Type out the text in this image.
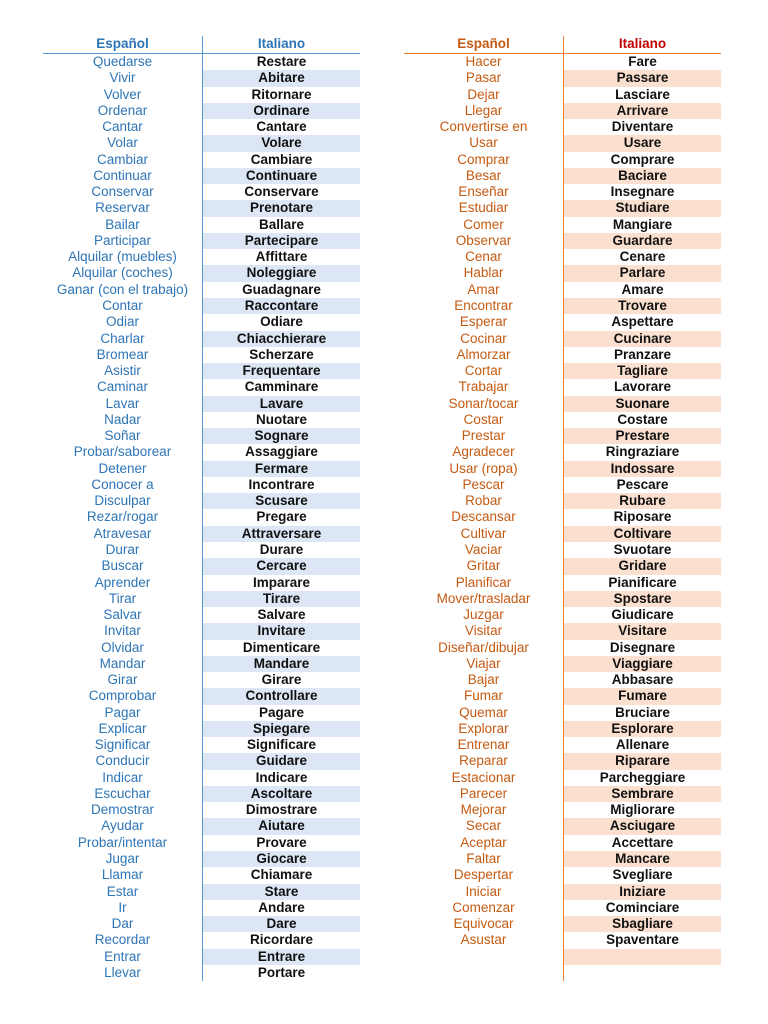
Español	Italiano
Quedarse	Restare
Vivir	Abitare
Volver	Ritornare
Ordenar	Ordinare
Cantar	Cantare
Volar	Volare
Cambiar	Cambiare
Continuar	Continuare
Conservar	Conservare
Reservar	Prenotare
Bailar	Ballare
Participar	Partecipare
Alquilar (muebles)	Affittare
Alquilar (coches)	Noleggiare
Ganar (con el trabajo)	Guadagnare
Contar	Raccontare
Odiar	Odiare
Charlar	Chiacchierare
Bromear	Scherzare
Asistir	Frequentare
Caminar	Camminare
Lavar	Lavare
Nadar	Nuotare
Soñar	Sognare
Probar/saborear	Assaggiare
Detener	Fermare
Conocer a	Incontrare
Disculpar	Scusare
Rezar/rogar	Pregare
Atravesar	Attraversare
Durar	Durare
Buscar	Cercare
Aprender	Imparare
Tirar	Tirare
Salvar	Salvare
Invitar	Invitare
Olvidar	Dimenticare
Mandar	Mandare
Girar	Girare
Comprobar	Controllare
Pagar	Pagare
Explicar	Spiegare
Significar	Significare
Conducir	Guidare
Indicar	Indicare
Escuchar	Ascoltare
Demostrar	Dimostrare
Ayudar	Aiutare
Probar/intentar	Provare
Jugar	Giocare
Llamar	Chiamare
Estar	Stare
Ir	Andare
Dar	Dare
Recordar	Ricordare
Entrar	Entrare
Llevar	Portare
Español	Italiano
Hacer	Fare
Pasar	Passare
Dejar	Lasciare
Llegar	Arrivare
Convertirse en	Diventare
Usar	Usare
Comprar	Comprare
Besar	Baciare
Enseñar	Insegnare
Estudiar	Studiare
Comer	Mangiare
Observar	Guardare
Cenar	Cenare
Hablar	Parlare
Amar	Amare
Encontrar	Trovare
Esperar	Aspettare
Cocinar	Cucinare
Almorzar	Pranzare
Cortar	Tagliare
Trabajar	Lavorare
Sonar/tocar	Suonare
Costar	Costare
Prestar	Prestare
Agradecer	Ringraziare
Usar (ropa)	Indossare
Pescar	Pescare
Robar	Rubare
Descansar	Riposare
Cultivar	Coltivare
Vaciar	Svuotare
Gritar	Gridare
Planificar	Pianificare
Mover/trasladar	Spostare
Juzgar	Giudicare
Visitar	Visitare
Diseñar/dibujar	Disegnare
Viajar	Viaggiare
Bajar	Abbasare
Fumar	Fumare
Quemar	Bruciare
Explorar	Esplorare
Entrenar	Allenare
Reparar	Riparare
Estacionar	Parcheggiare
Parecer	Sembrare
Mejorar	Migliorare
Secar	Asciugare
Aceptar	Accettare
Faltar	Mancare
Despertar	Svegliare
Iniciar	Iniziare
Comenzar	Cominciare
Equivocar	Sbagliare
Asustar	Spaventare
